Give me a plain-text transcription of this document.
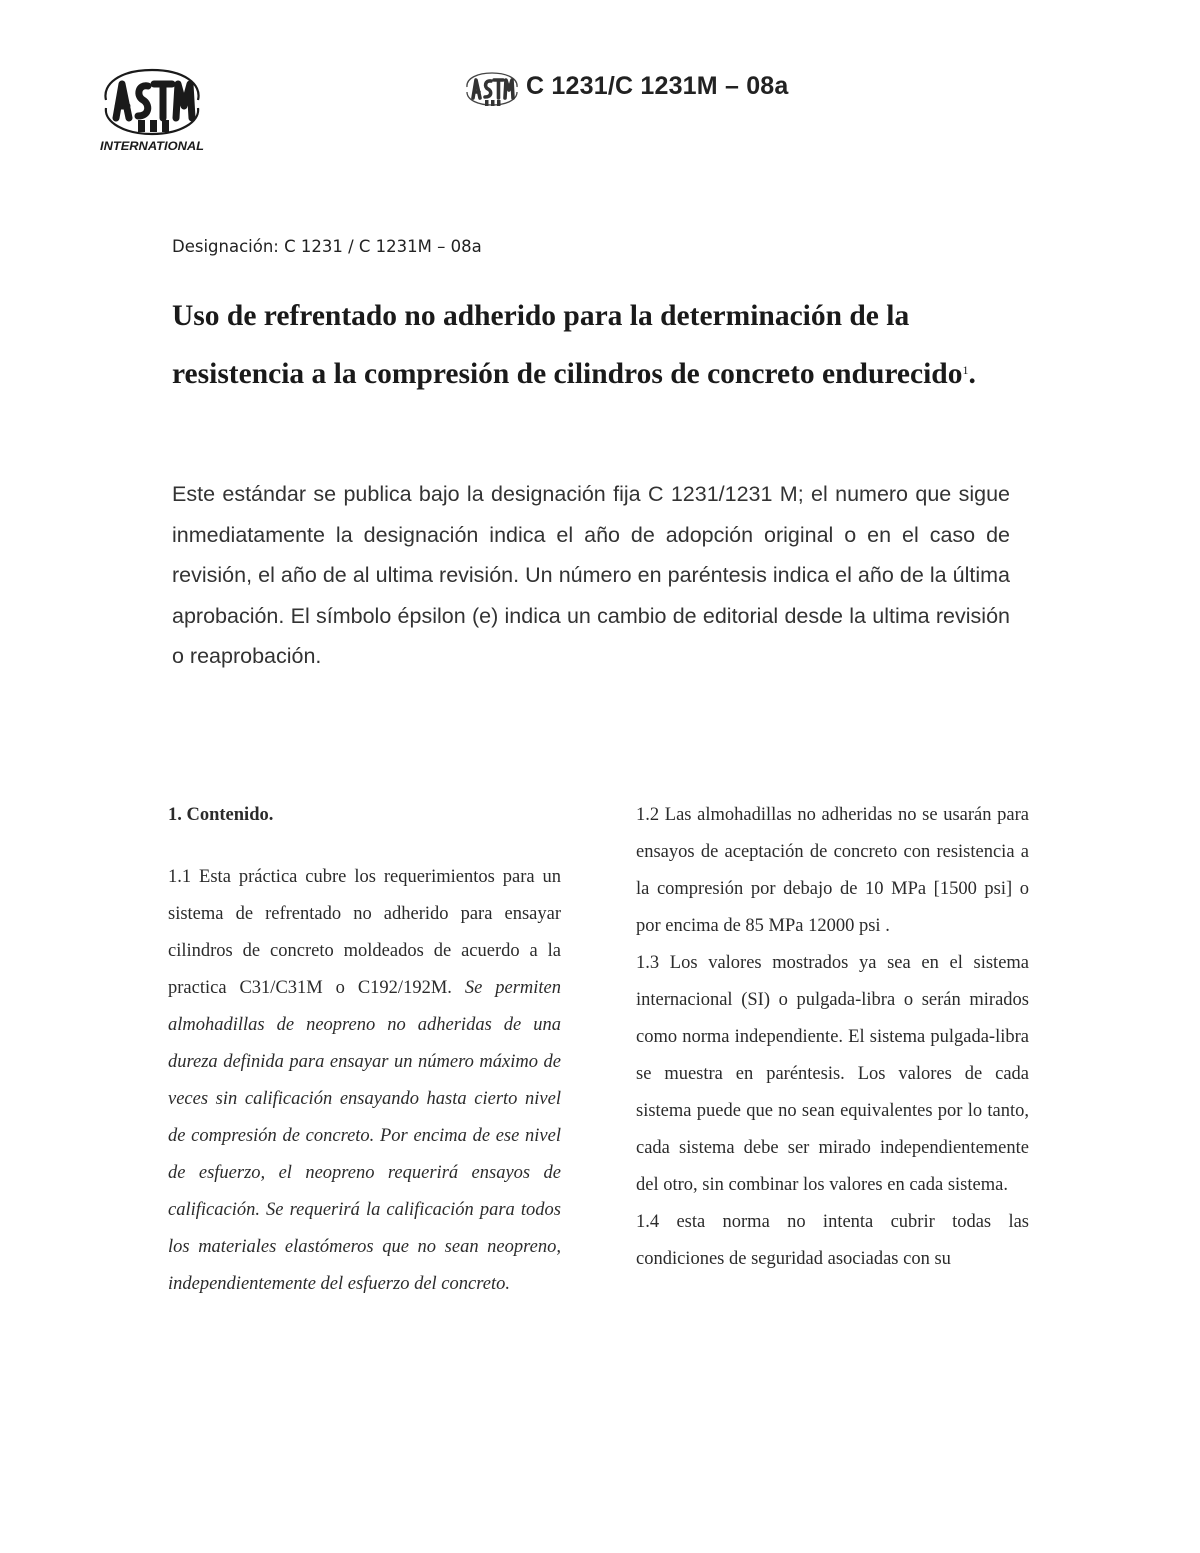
INTERNATIONAL
C 1231/C 1231M – 08a
Designación: C 1231 / C 1231M – 08a
Uso de refrentado no adherido para la determinación de la resistencia a la compresión de cilindros de concreto endurecido$^1$.

Este estándar se publica bajo la designación fija C 1231/1231 M; el numero que sigue inmediatamente la designación indica el año de adopción original o en el caso de revisión, el año de al ultima revisión. Un número en paréntesis indica el año de la última aprobación. El símbolo épsilon (e) indica un cambio de editorial desde la ultima revisión o reaprobación.

1. Contenido.

1.1 Esta práctica cubre los requerimientos para un sistema de refrentado no adherido para ensayar cilindros de concreto moldeados de acuerdo a la practica C31/C31M o C192/192M. Se permiten almohadillas de neopreno no adheridas de una dureza definida para ensayar un número máximo de veces sin calificación ensayando hasta cierto nivel de compresión de concreto. Por encima de ese nivel de esfuerzo, el neopreno requerirá ensayos de calificación. Se requerirá la calificación para todos los materiales elastómeros que no sean neopreno, independientemente del esfuerzo del concreto.

1.2 Las almohadillas no adheridas no se usarán para ensayos de aceptación de concreto con resistencia a la compresión por debajo de 10 MPa [1500 psi] o por encima de 85 MPa 12000 psi .

1.3 Los valores mostrados ya sea en el sistema internacional (SI) o pulgada-libra o serán mirados como norma independiente. El sistema pulgada-libra se muestra en paréntesis. Los valores de cada sistema puede que no sean equivalentes por lo tanto, cada sistema debe ser mirado independientemente del otro, sin combinar los valores en cada sistema.

1.4 esta norma no intenta cubrir todas las condiciones de seguridad asociadas con su
